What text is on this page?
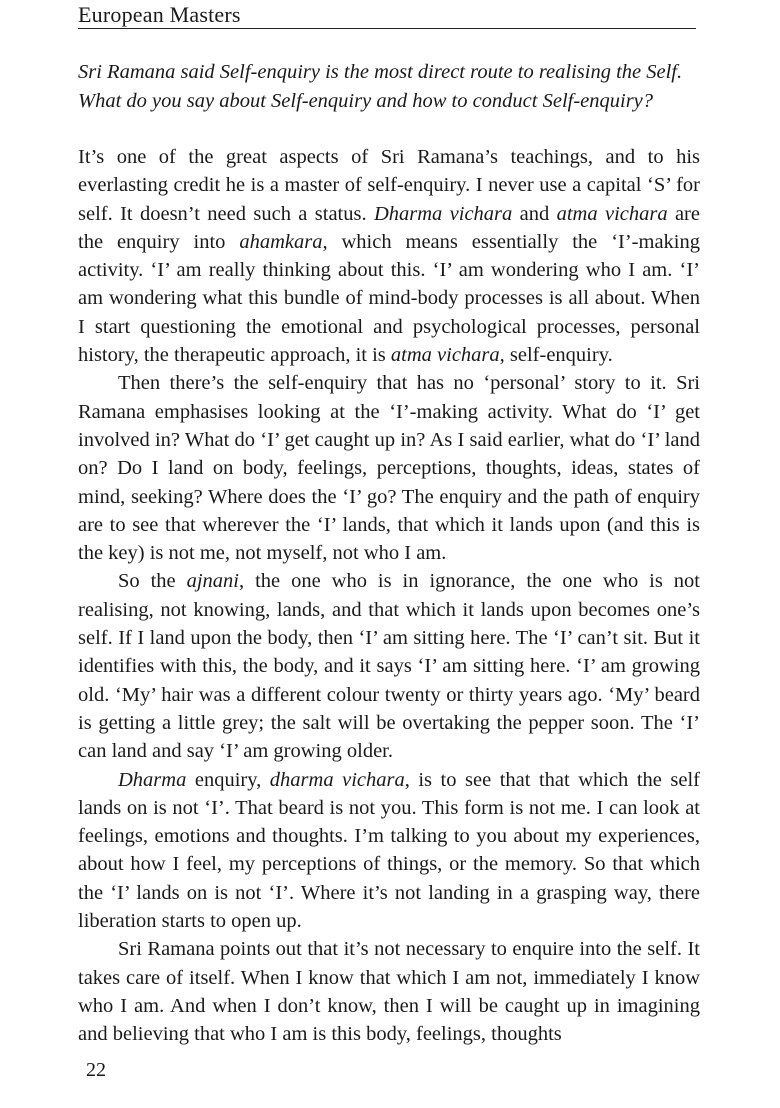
European Masters

Sri Ramana said Self-enquiry is the most direct route to realising the Self.

What do you say about Self-enquiry and how to conduct Self-enquiry?

It’s one of the great aspects of Sri Ramana’s teachings, and to his everlasting credit he is a master of self-enquiry. I never use a capital ‘S’ for self. It doesn’t need such a status. Dharma vichara and atma vichara are the enquiry into ahamkara, which means essentially the ‘I’-making activity. ‘I’ am really thinking about this. ‘I’ am wondering who I am. ‘I’ am wondering what this bundle of mind-body processes is all about. When I start questioning the emotional and psychological processes, personal history, the therapeutic approach, it is atma vichara, self-enquiry.

Then there’s the self-enquiry that has no ‘personal’ story to it. Sri Ramana emphasises looking at the ‘I’-making activity. What do ‘I’ get involved in? What do ‘I’ get caught up in? As I said earlier, what do ‘I’ land on? Do I land on body, feelings, perceptions, thoughts, ideas, states of mind, seeking? Where does the ‘I’ go? The enquiry and the path of enquiry are to see that wherever the ‘I’ lands, that which it lands upon (and this is the key) is not me, not myself, not who I am.

So the ajnani, the one who is in ignorance, the one who is not realising, not knowing, lands, and that which it lands upon becomes one’s self. If I land upon the body, then ‘I’ am sitting here. The ‘I’ can’t sit. But it identifies with this, the body, and it says ‘I’ am sitting here. ‘I’ am growing old. ‘My’ hair was a different colour twenty or thirty years ago. ‘My’ beard is getting a little grey; the salt will be overtaking the pepper soon. The ‘I’ can land and say ‘I’ am growing older.

Dharma enquiry, dharma vichara, is to see that that which the self lands on is not ‘I’. That beard is not you. This form is not me. I can look at feelings, emotions and thoughts. I’m talking to you about my experiences, about how I feel, my perceptions of things, or the memory. So that which the ‘I’ lands on is not ‘I’. Where it’s not landing in a grasping way, there liberation starts to open up.

Sri Ramana points out that it’s not necessary to enquire into the self. It takes care of itself. When I know that which I am not, immediately I know who I am. And when I don’t know, then I will be caught up in imagining and believing that who I am is this body, feelings, thoughts

22
